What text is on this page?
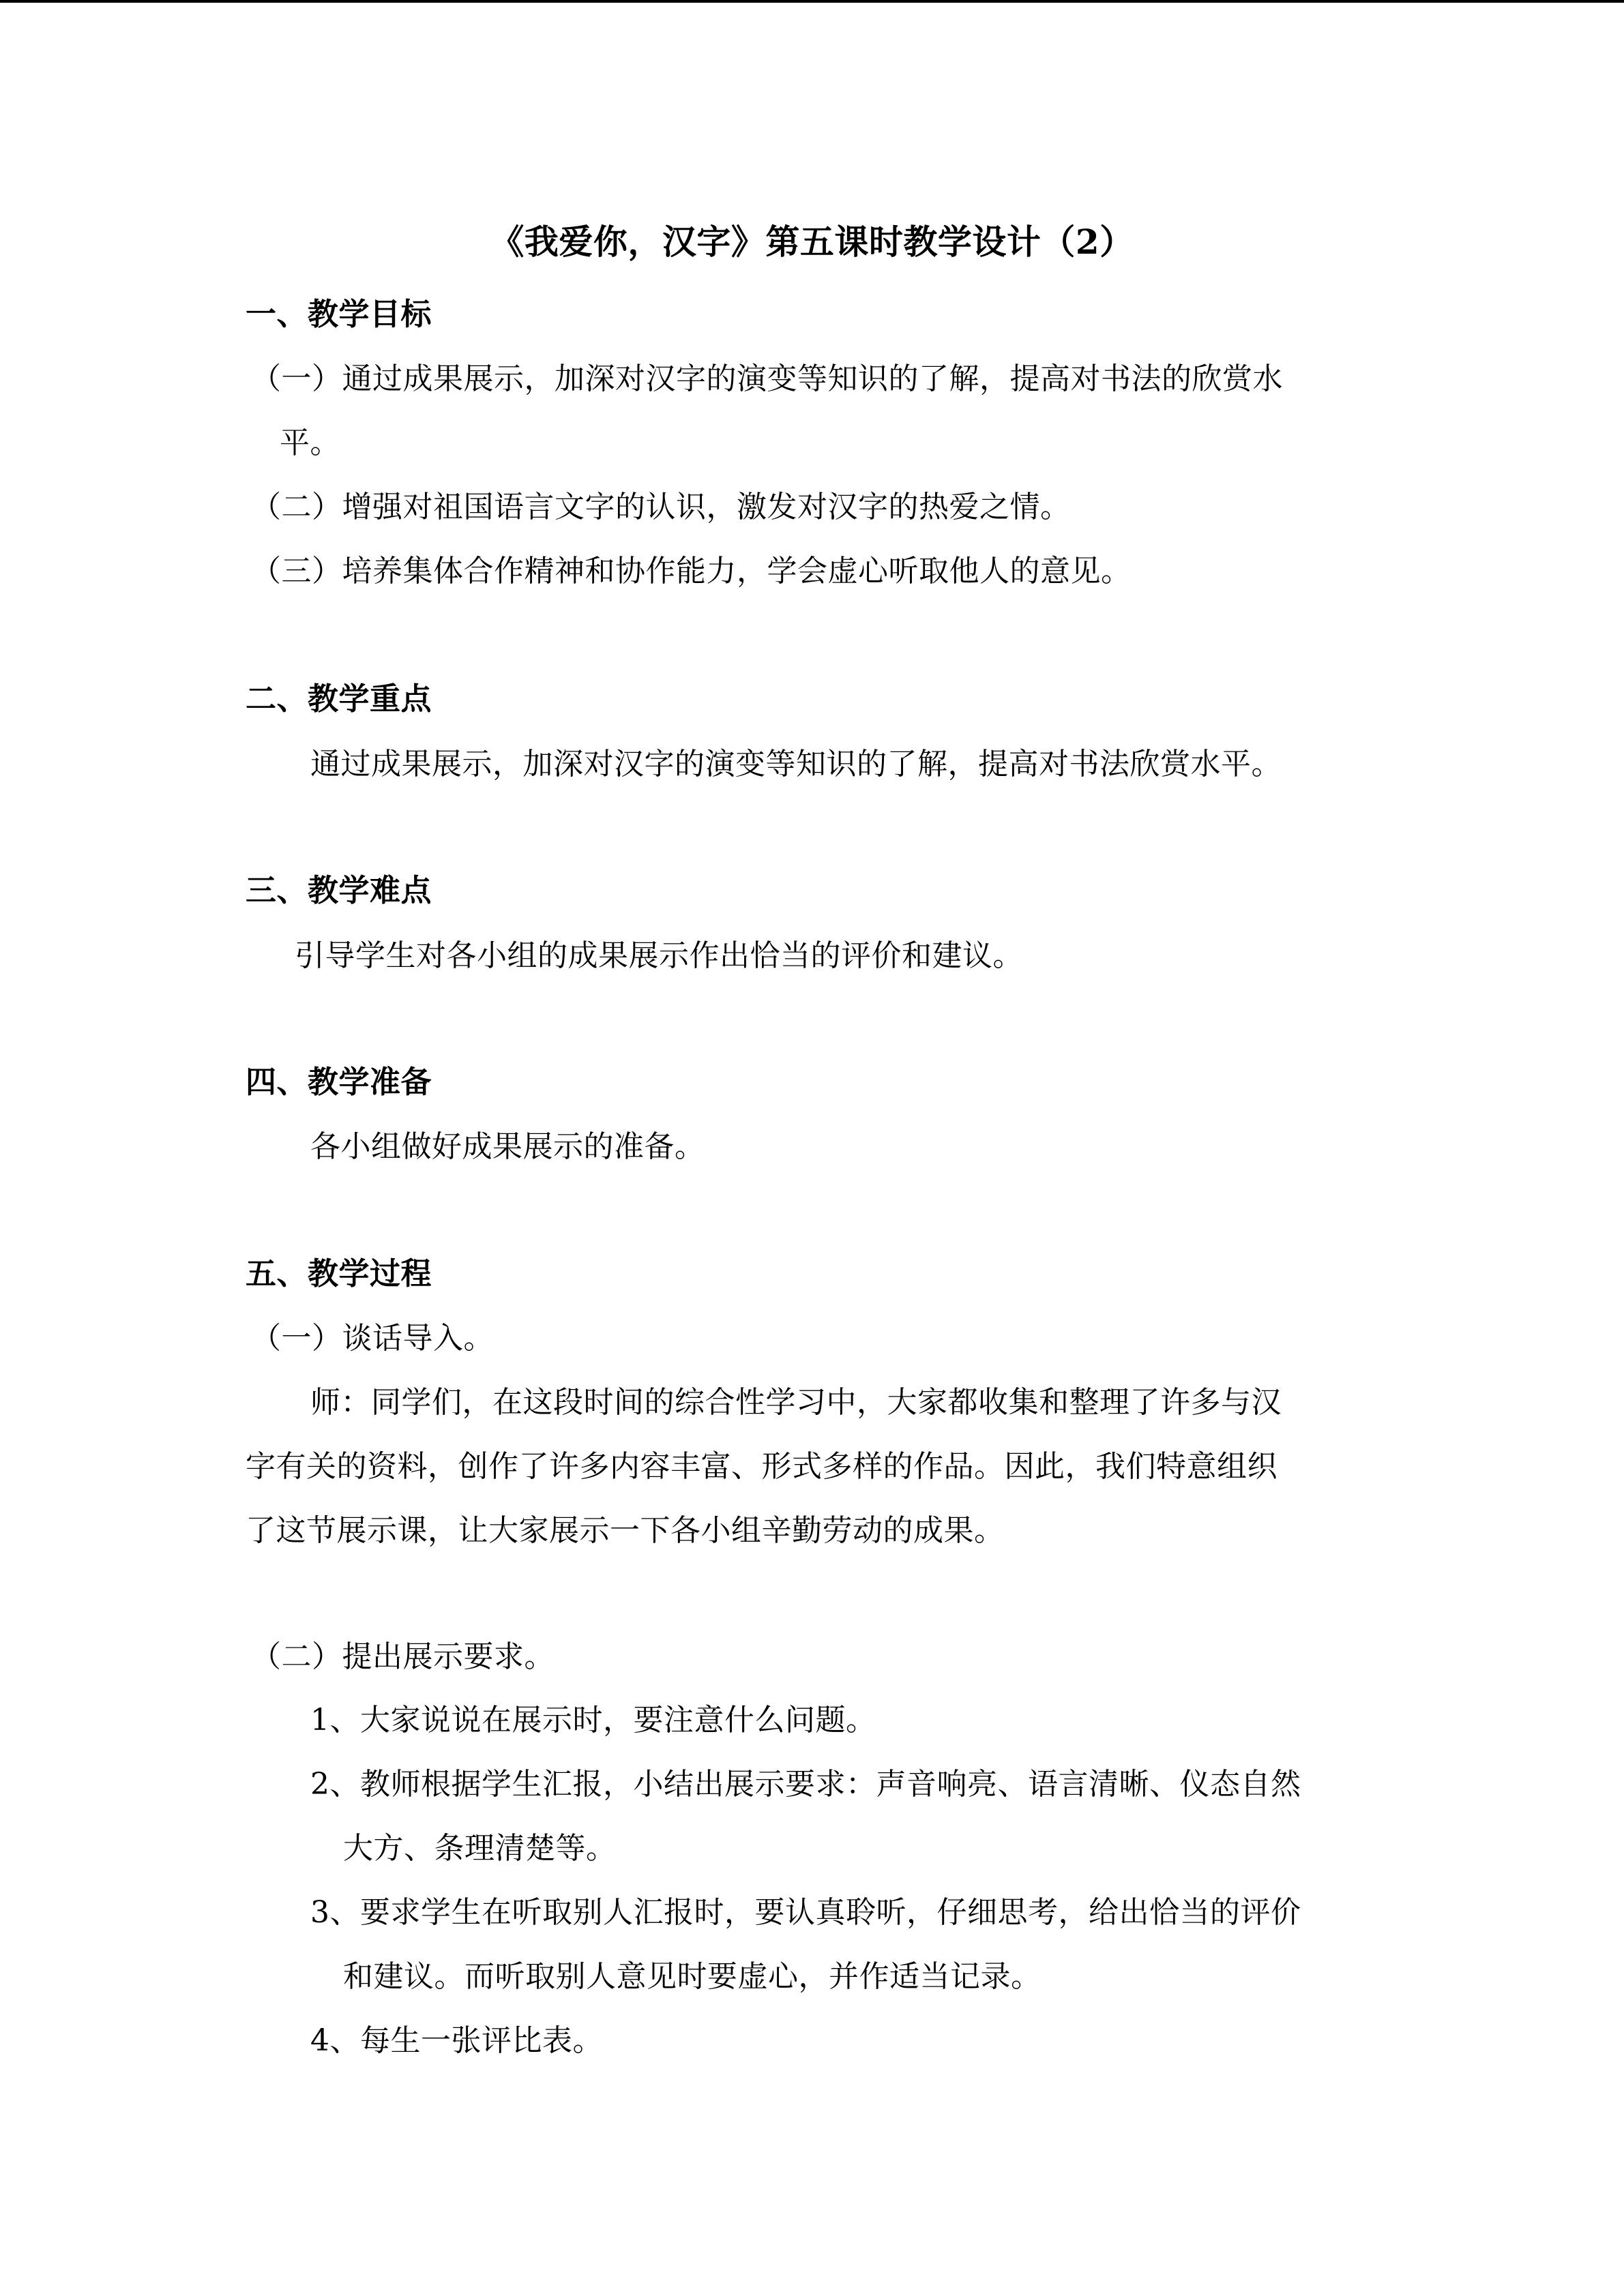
《我爱你，汉字》第五课时教学设计（2）
一、教学目标
（一）通过成果展示，加深对汉字的演变等知识的了解，提高对书法的欣赏水
平。
（二）增强对祖国语言文字的认识，激发对汉字的热爱之情。
（三）培养集体合作精神和协作能力，学会虚心听取他人的意见。
二、教学重点
通过成果展示，加深对汉字的演变等知识的了解，提高对书法欣赏水平。
三、教学难点
引导学生对各小组的成果展示作出恰当的评价和建议。
四、教学准备
各小组做好成果展示的准备。
五、教学过程
（一）谈话导入。
师：同学们，在这段时间的综合性学习中，大家都收集和整理了许多与汉
字有关的资料，创作了许多内容丰富、形式多样的作品。因此，我们特意组织
了这节展示课，让大家展示一下各小组辛勤劳动的成果。
（二）提出展示要求。
1、大家说说在展示时，要注意什么问题。
2、教师根据学生汇报，小结出展示要求：声音响亮、语言清晰、仪态自然
大方、条理清楚等。
3、要求学生在听取别人汇报时，要认真聆听，仔细思考，给出恰当的评价
和建议。而听取别人意见时要虚心，并作适当记录。
4、每生一张评比表。
